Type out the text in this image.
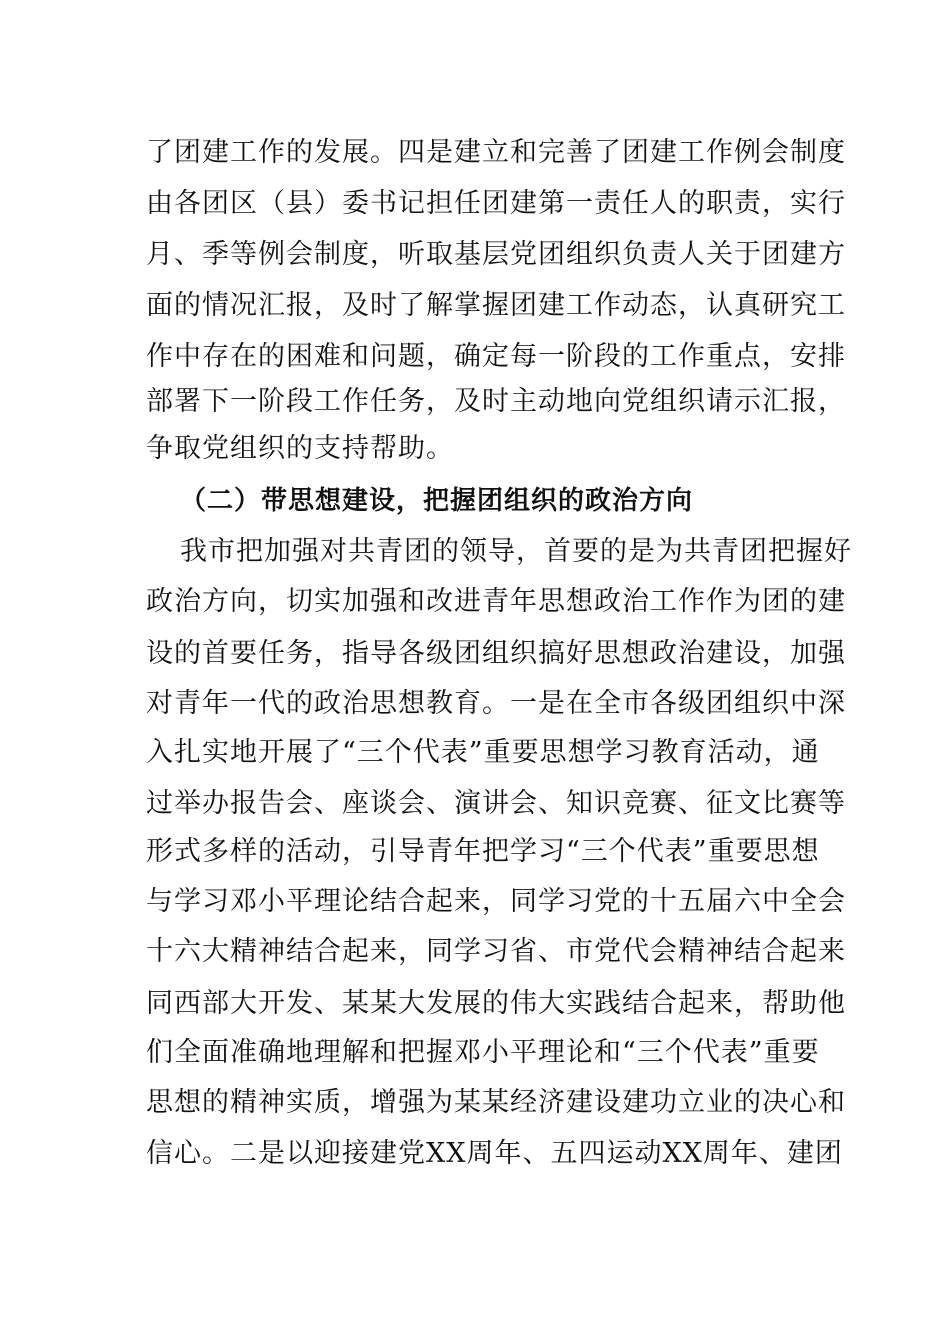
了团建工作的发展。四是建立和完善了团建工作例会制度
由各团区（县）委书记担任团建第一责任人的职责，实行
月、季等例会制度，听取基层党团组织负责人关于团建方
面的情况汇报，及时了解掌握团建工作动态，认真研究工
作中存在的困难和问题，确定每一阶段的工作重点，安排
部署下一阶段工作任务，及时主动地向党组织请示汇报，
争取党组织的支持帮助。
（二）带思想建设，把握团组织的政治方向
我市把加强对共青团的领导，首要的是为共青团把握好
政治方向，切实加强和改进青年思想政治工作作为团的建
设的首要任务，指导各级团组织搞好思想政治建设，加强
对青年一代的政治思想教育。一是在全市各级团组织中深
入扎实地开展了“三个代表”重要思想学习教育活动，通
过举办报告会、座谈会、演讲会、知识竞赛、征文比赛等
形式多样的活动，引导青年把学习“三个代表”重要思想
与学习邓小平理论结合起来，同学习党的十五届六中全会
十六大精神结合起来，同学习省、市党代会精神结合起来
同西部大开发、某某大发展的伟大实践结合起来，帮助他
们全面准确地理解和把握邓小平理论和“三个代表”重要
思想的精神实质，增强为某某经济建设建功立业的决心和
信心。二是以迎接建党XX周年、五四运动XX周年、建团
